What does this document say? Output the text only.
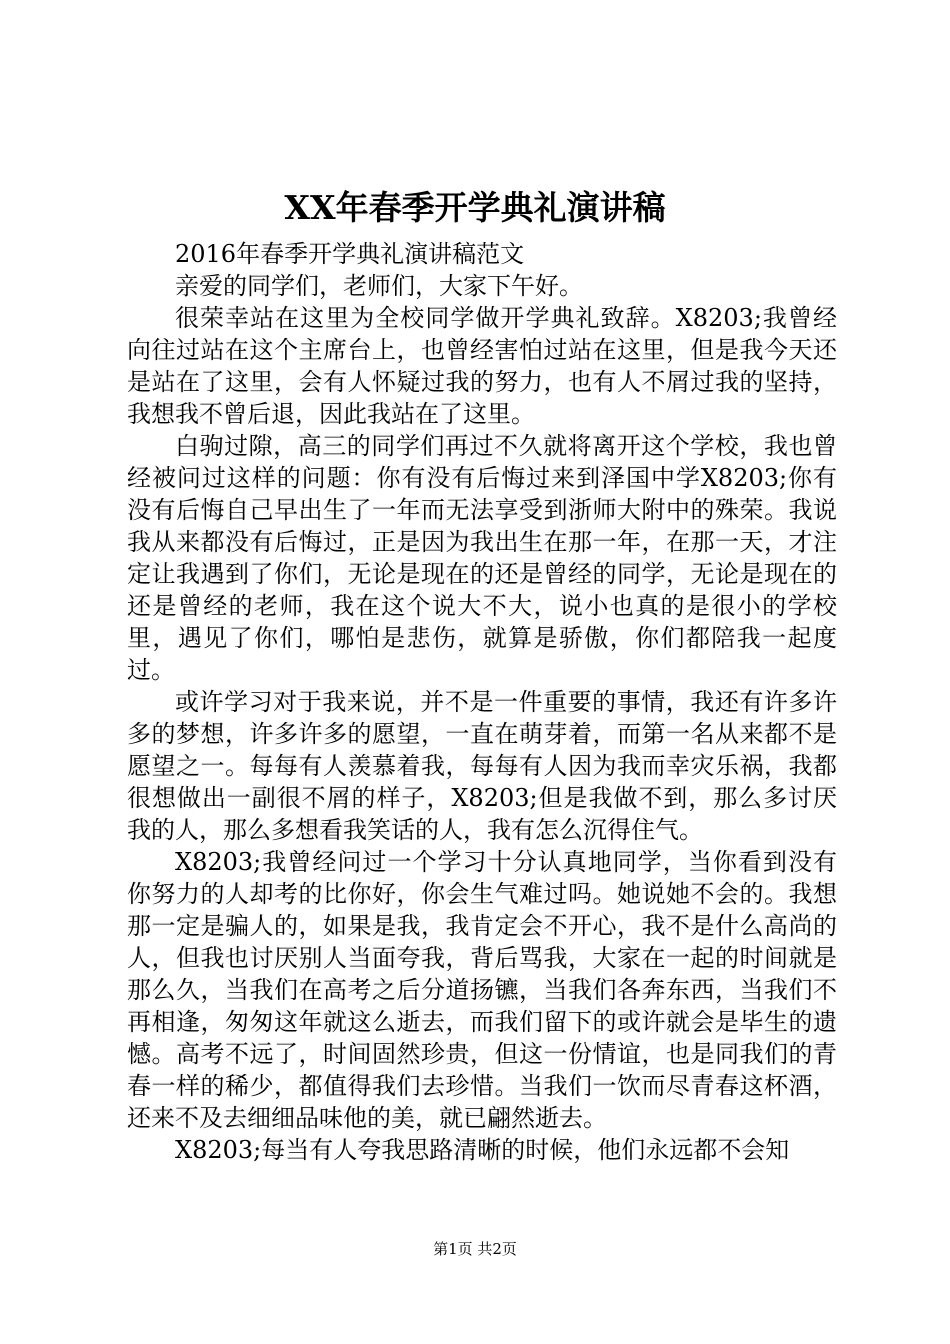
XX年春季开学典礼演讲稿

2016年春季开学典礼演讲稿范文

亲爱的同学们，老师们，大家下午好。

很荣幸站在这里为全校同学做开学典礼致辞。X8203;我曾经向往过站在这个主席台上，也曾经害怕过站在这里，但是我今天还是站在了这里，会有人怀疑过我的努力，也有人不屑过我的坚持，我想我不曾后退，因此我站在了这里。

白驹过隙，高三的同学们再过不久就将离开这个学校，我也曾经被问过这样的问题：你有没有后悔过来到泽国中学X8203;你有没有后悔自己早出生了一年而无法享受到浙师大附中的殊荣。我说我从来都没有后悔过，正是因为我出生在那一年，在那一天，才注定让我遇到了你们，无论是现在的还是曾经的同学，无论是现在的还是曾经的老师，我在这个说大不大，说小也真的是很小的学校里，遇见了你们，哪怕是悲伤，就算是骄傲，你们都陪我一起度过。

或许学习对于我来说，并不是一件重要的事情，我还有许多许多的梦想，许多许多的愿望，一直在萌芽着，而第一名从来都不是愿望之一。每每有人羡慕着我，每每有人因为我而幸灾乐祸，我都很想做出一副很不屑的样子，X8203;但是我做不到，那么多讨厌我的人，那么多想看我笑话的人，我有怎么沉得住气。

X8203;我曾经问过一个学习十分认真地同学，当你看到没有你努力的人却考的比你好，你会生气难过吗。她说她不会的。我想那一定是骗人的，如果是我，我肯定会不开心，我不是什么高尚的人，但我也讨厌别人当面夸我，背后骂我，大家在一起的时间就是那么久，当我们在高考之后分道扬镳，当我们各奔东西，当我们不再相逢，匆匆这年就这么逝去，而我们留下的或许就会是毕生的遗憾。高考不远了，时间固然珍贵，但这一份情谊，也是同我们的青春一样的稀少，都值得我们去珍惜。当我们一饮而尽青春这杯酒，还来不及去细细品味他的美，就已翩然逝去。

X8203;每当有人夸我思路清晰的时候，他们永远都不会知

第1页 共2页
